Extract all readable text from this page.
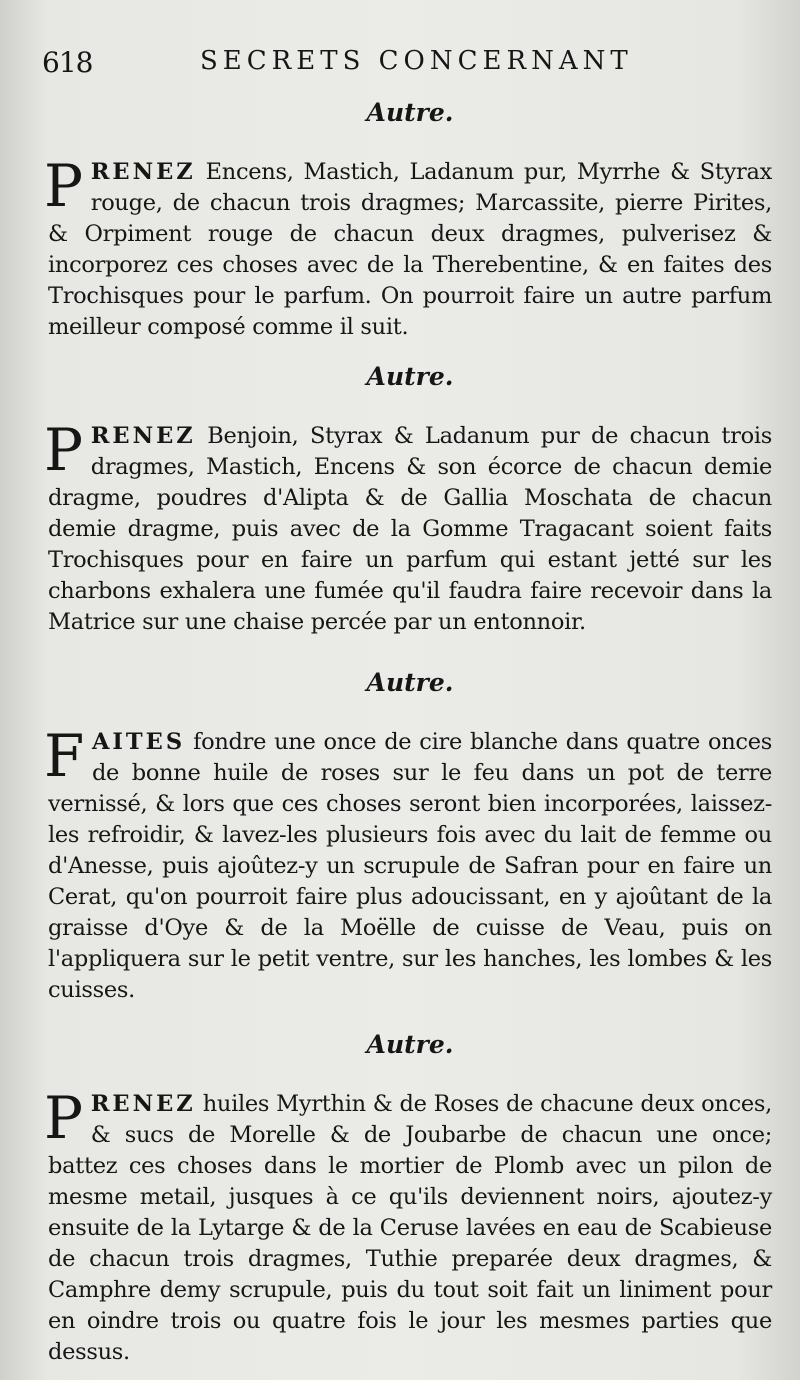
618	SECRETS CONCERNANT

Autre.

PRENEZ Encens, Mastich, Ladanum pur, Myrrhe & Styrax rouge, de chacun trois dragmes; Marcassite, pierre Pirites, & Orpiment rouge de chacun deux dragmes, pulverisez & incorporez ces choses avec de la Therebentine, & en faites des Trochisques pour le parfum. On pourroit faire un autre parfum meilleur composé comme il suit.

Autre.

PRENEZ Benjoin, Styrax & Ladanum pur de chacun trois dragmes, Mastich, Encens & son écorce de chacun demie dragme, poudres d'Alipta & de Gallia Moschata de chacun demie dragme, puis avec de la Gomme Tragacant soient faits Trochisques pour en faire un parfum qui estant jetté sur les charbons exhalera une fumée qu'il faudra faire recevoir dans la Matrice sur une chaise percée par un entonnoir.

Autre.

FAITES fondre une once de cire blanche dans quatre onces de bonne huile de roses sur le feu dans un pot de terre vernissé, & lors que ces choses seront bien incorporées, laissez-les refroidir, & lavez-les plusieurs fois avec du lait de femme ou d'Anesse, puis ajoûtez-y un scrupule de Safran pour en faire un Cerat, qu'on pourroit faire plus adoucissant, en y ajoûtant de la graisse d'Oye & de la Moëlle de cuisse de Veau, puis on l'appliquera sur le petit ventre, sur les hanches, les lombes & les cuisses.

Autre.

PRENEZ huiles Myrthin & de Roses de chacune deux onces, & sucs de Morelle & de Joubarbe de chacun une once; battez ces choses dans le mortier de Plomb avec un pilon de mesme metail, jusques à ce qu'ils deviennent noirs, ajoutez-y ensuite de la Lytarge & de la Ceruse lavées en eau de Scabieuse de chacun trois dragmes, Tuthie preparée deux dragmes, & Camphre demy scrupule, puis du tout soit fait un liniment pour en oindre trois ou quatre fois le jour les mesmes parties que dessus.
